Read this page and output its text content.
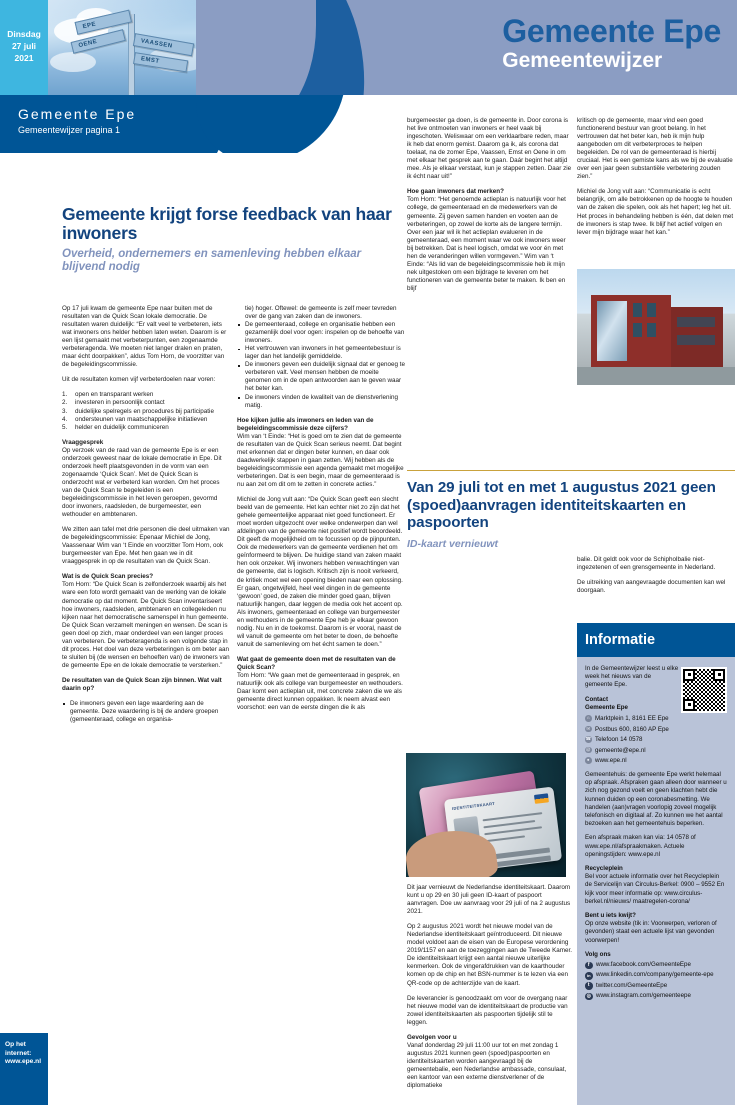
EPE
VAASSEN
OENE
EMST
Dinsdag
27 juli
2021
Gemeente Epe
Gemeentewijzer
Gemeente Epe
Gemeentewijzer pagina 1
Gemeente krijgt forse feedback van haar inwoners
Overheid, ondernemers en samenleving hebben elkaar blijvend nodig

Op 17 juli kwam de gemeente Epe naar buiten met de resultaten van de Quick Scan lokale democratie. De resultaten waren duidelijk: “Er valt veel te verbeteren, iets wat inwoners ons helder hebben laten weten. Daarom is er een lijst gemaakt met verbeterpunten, een zogenaamde verbeteragenda. We moeten niet langer dralen en praten, maar écht doorpakken”, aldus Tom Horn, de voorzitter van de begeleidingscommissie.

Uit de resultaten komen vijf verbeterdoelen naar voren:

1. open en transparant werken
2. investeren in persoonlijk contact
3. duidelijke spelregels en procedures bij participatie
4. ondersteunen van maatschappelijke initiatieven
5. helder en duidelijk communiceren

Vraaggesprek
Op verzoek van de raad van de gemeente Epe is er een onderzoek geweest naar de lokale democratie in Epe. Dit onderzoek heeft plaatsgevonden in de vorm van een zogenaamde ‘Quick Scan’. Met de Quick Scan is onderzocht wat er verbeterd kan worden. Om het proces van de Quick Scan te begeleiden is een begeleidingscommissie in het leven geroepen, gevormd door inwoners, raadsleden, de burgemeester, een wethouder en ambtenaren.

We zitten aan tafel met drie personen die deel uitmaken van de begeleidingscommissie: Epenaar Michiel de Jong, Vaassenaar Wim van ‘t Einde en voorzitter Tom Horn, ook burgemeester van Epe. Met hen gaan we in dit vraaggesprek in op de resultaten van de Quick Scan.

Wat is de Quick Scan precies?
Tom Horn: “De Quick Scan is zelfonderzoek waarbij als het ware een foto wordt gemaakt van de werking van de lokale democratie op dat moment. De Quick Scan inventariseert hoe inwoners, raadsleden, ambtenaren en collegeleden nu kijken naar het democratische samenspel in hun gemeente. De Quick Scan verzamelt meningen en wensen. De scan is geen doel op zich, maar onderdeel van een langer proces van verbeteren. De verbeteragenda is een volgende stap in dit proces. Het doel van deze verbeteringen is om beter aan te sluiten bij (de wensen en behoeften van) de inwoners van de gemeente Epe en de lokale democratie te versterken.”

De resultaten van de Quick Scan zijn binnen. Wat valt daarin op?

De inwoners geven een lage waardering aan de gemeente. Deze waardering is bij de andere groepen (gemeenteraad, college en organisa-

tie) hoger. Oftewel: de gemeente is zelf meer tevreden over de gang van zaken dan de inwoners.

De gemeenteraad, college en organisatie hebben een gezamenlijk doel voor ogen: inspelen op de behoefte van inwoners.
Het vertrouwen van inwoners in het gemeentebestuur is lager dan het landelijk gemiddelde.
De inwoners geven een duidelijk signaal dat er genoeg te verbeteren valt. Veel mensen hebben de moeite genomen om in de open antwoorden aan te geven waar het beter kan.
De inwoners vinden de kwaliteit van de dienstverlening matig.

Hoe kijken jullie als inwoners en leden van de begeleidingscommissie deze cijfers?
Wim van ‘t Einde: “Het is goed om te zien dat de gemeente de resultaten van de Quick Scan serieus neemt. Dat begint met erkennen dat er dingen beter kunnen, en daar ook daadwerkelijk stappen in gaan zetten. Wij hebben als de begeleidingscommissie een agenda gemaakt met mogelijke verbeteringen. Dat is een begin, maar de gemeenteraad is nu aan zet om dit om te zetten in concrete acties.”

Michiel de Jong vult aan: “De Quick Scan geeft een slecht beeld van de gemeente. Het kan echter niet zo zijn dat het gehele gemeentelijke apparaat niet goed functioneert. Er moet worden uitgezocht over welke onderwerpen dan wel afdelingen van de gemeente niet positief wordt beoordeeld. Dit geeft de mogelijkheid om te focussen op de pijnpunten. Ook de medewerkers van de gemeente verdienen het om geïnformeerd te blijven. De huidige stand van zaken maakt hen ook onzeker. Wij inwoners hebben verwachtingen van de gemeente, dat is logisch. Kritisch zijn is nooit verkeerd, de kritiek moet wel een opening bieden naar een oplossing. Er gaan, ongetwijfeld, heel veel dingen in de gemeente ‘gewoon’ goed, de zaken die minder goed gaan, blijven natuurlijk hangen, daar leggen de media ook het accent op. Als inwoners, gemeenteraad en college van burgemeester en wethouders in de gemeente Epe heb je elkaar gewoon nodig. Nu en in de toekomst. Daarom is er vooral, naast de wil vanuit de gemeente om het beter te doen, de behoefte vanuit de samenleving om het écht samen te doen.”

Wat gaat de gemeente doen met de resultaten van de Quick Scan?
Tom Horn: “We gaan met de gemeenteraad in gesprek, en natuurlijk ook als college van burgemeester en wethouders. Daar komt een actieplan uit, met concrete zaken die we als gemeente direct kunnen oppakken. Ik neem alvast een voorschot: een van de eerste dingen die ik als

burgemeester ga doen, is de gemeente in. Door corona is het live ontmoeten van inwoners er heel vaak bij ingeschoten. Weliswaar om een verklaarbare reden, maar ik heb dat enorm gemist. Daarom ga ik, als corona dat toelaat, na de zomer Epe, Vaassen, Emst en Oene in om met elkaar het gesprek aan te gaan. Daár begint het altijd mee. Als je elkaar verstaat, kun je stappen zetten. Daar zie ik écht naar uit!”

Hoe gaan inwoners dat merken?
Tom Horn: “Het genoemde actieplan is natuurlijk voor het college, de gemeenteraad en de medewerkers van de gemeente. Zij geven samen handen en voeten aan de verbeteringen, op zowel de korte als de langere termijn. Over een jaar wil ik het actieplan evalueren in de gemeenteraad, een moment waar we ook inwoners weer bij betrekken. Dat is heel logisch, omdat we voor én met hen de veranderingen willen vormgeven.” Wim van ‘t Einde: “Als lid van de begeleidingscommissie heb ik mijn nek uitgestoken om een bijdrage te leveren om het functioneren van de gemeente beter te maken. Ik ben en blijf

kritisch op de gemeente, maar vind een goed functionerend bestuur van groot belang. In het vertrouwen dat het beter kan, heb ik mijn hulp aangeboden om dit verbeterproces te helpen begeleiden. De rol van de gemeenteraad is hierbij cruciaal. Het is een gemiste kans als we bij de evaluatie over een jaar geen substantiële verbetering zouden zien.”

Michiel de Jong vult aan: “Communicatie is echt belangrijk, om alle betrokkenen op de hoogte te houden van de zaken die spelen, ook als het hapert; leg het uit. Het proces in behandeling hebben is één, dat delen met de inwoners is stap twee. Ik blijf het actief volgen en lever mijn bijdrage waar het kan.”

Van 29 juli tot en met 1 augustus 2021 geen (spoed)aanvragen identiteitskaarten en paspoorten
ID-kaart vernieuwt
IDENTITEITSKAART

Dit jaar vernieuwt de Nederlandse identiteitskaart. Daarom kunt u op 29 en 30 juli geen ID-kaart of paspoort aanvragen. Doe uw aanvraag voor 29 juli of na 2 augustus 2021.

Op 2 augustus 2021 wordt het nieuwe model van de Nederlandse identiteitskaart geïntroduceerd. Dit nieuwe model voldoet aan de eisen van de Europese verordening 2019/1157 en aan de toezeggingen aan de Tweede Kamer. De identiteitskaart krijgt een aantal nieuwe uiterlijke kenmerken. Ook de vingerafdrukken van de kaarthouder komen op de chip en het BSN-nummer is te lezen via een QR-code op de achterzijde van de kaart.

De leverancier is genoodzaakt om voor de overgang naar het nieuwe model van de identiteitskaart de productie van zowel identiteitskaarten als paspoorten tijdelijk stil te leggen.

Gevolgen voor u
Vanaf donderdag 29 juli 11:00 uur tot en met zondag 1 augustus 2021 kunnen geen (spoed)paspoorten en identiteitskaarten worden aangevraagd bij de gemeentebalie, een Nederlandse ambassade, consulaat, een kantoor van een externe dienstverlener of de diplomatieke

balie. Dit geldt ook voor de Schipholbalie niet-ingezetenen of een grensgemeente in Nederland.

De uitreiking van aangevraagde documenten kan wel doorgaan.

Informatie

In de Gemeentewijzer leest u elke week het nieuws van de gemeente Epe.

Contact
Gemeente Epe

⌂ Marktplein 1, 8161 EE Epe
✉ Postbus 600, 8160 AP Epe
☎ Telefoon 14 0578
@ gemeente@epe.nl
● www.epe.nl

Gemeentehuis: de gemeente Epe werkt helemaal op afspraak. Afspraken gaan alleen door wanneer u zich nog gezond voelt en geen klachten hebt die kunnen duiden op een coronabesmetting. We handelen (aan)vragen voorlopig zoveel mogelijk telefonisch en digitaal af. Zo kunnen we het aantal bezoeken aan het gemeentehuis beperken.

Een afspraak maken kan via: 14 0578 of www.epe.nl/afspraakmaken. Actuele openingstijden: www.epe.nl

Recycleplein
Bel voor actuele informatie over het Recycleplein de Servicelijn van Circulus-Berkel: 0900 – 9552 En kijk voor meer informatie op: www.circulus-berkel.nl/nieuws/ maatregelen-corona/

Bent u iets kwijt?
Op onze website (tik in: Voorwerpen, verloren of gevonden) staat een actuele lijst van gevonden voorwerpen!

Volg ons

f	www.facebook.com/GemeenteEpe
in www.linkedin.com/company/gemeente-epe
t	twitter.com/GemeenteEpe
◎ www.instagram.com/gemeenteepe
Op het
internet:
www.epe.nl
